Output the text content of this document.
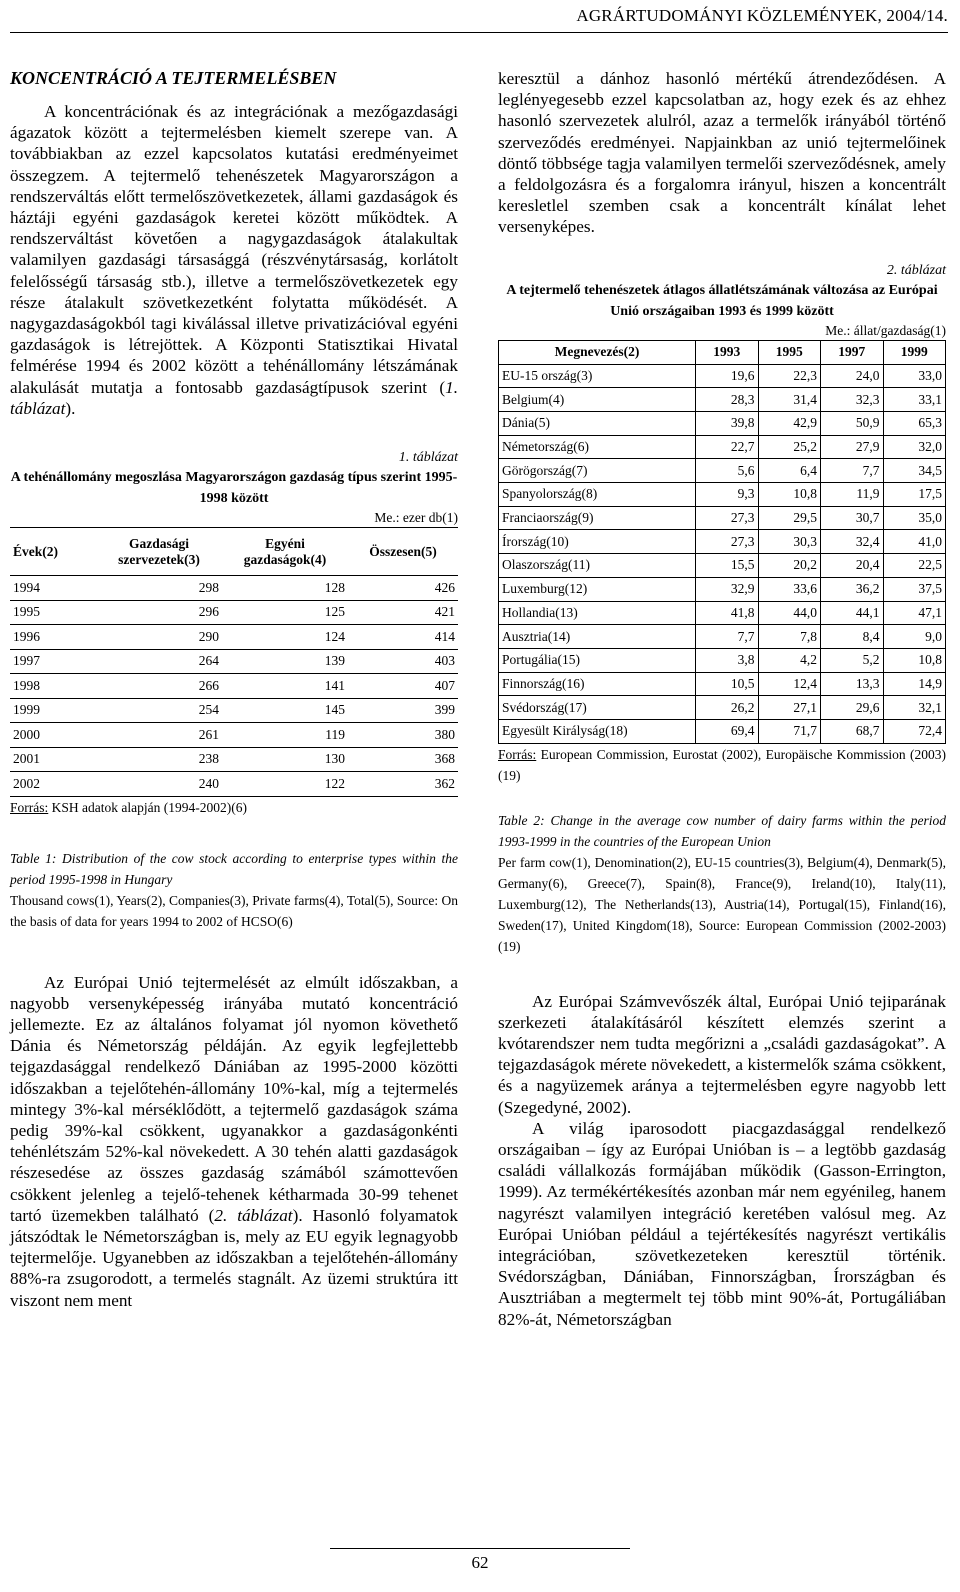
AGRÁRTUDOMÁNYI KÖZLEMÉNYEK, 2004/14.
KONCENTRÁCIÓ A TEJTERMELÉSBEN

A koncentrációnak és az integrációnak a mezőgazdasági ágazatok között a tejtermelésben kiemelt szerepe van. A továbbiakban az ezzel kapcsolatos kutatási eredményeimet összegzem. A tejtermelő tehenészetek Magyarországon a rendszerváltás előtt termelőszövetkezetek, állami gazdaságok és háztáji egyéni gazdaságok keretei között működtek. A rendszerváltást követően a nagygazdaságok átalakultak valamilyen gazdasági társasággá (részvénytársaság, korlátolt felelősségű társaság stb.), illetve a termelőszövetkezetek egy része átalakult szövetkezetként folytatta működését. A nagygazdaságokból tagi kiválással illetve privatizációval egyéni gazdaságok is létrejöttek. A Központi Statisztikai Hivatal felmérése 1994 és 2002 között a tehénállomány létszámának alakulását mutatja a fontosabb gazdaságtípusok szerint (1. táblázat).

1. táblázat
A tehénállomány megoszlása Magyarországon gazdaság típus szerint 1995-1998 között
Me.: ezer db(1)
Évek(2)	Gazdasági szervezetek(3)	Egyéni gazdaságok(4)	Összesen(5)
1994	298	128	426
1995	296	125	421
1996	290	124	414
1997	264	139	403
1998	266	141	407
1999	254	145	399
2000	261	119	380
2001	238	130	368
2002	240	122	362

Forrás: KSH adatok alapján (1994-2002)(6)

Table 1: Distribution of the cow stock according to enterprise types within the period 1995-1998 in Hungary

Thousand cows(1), Years(2), Companies(3), Private farms(4), Total(5), Source: On the basis of data for years 1994 to 2002 of HCSO(6)

Az Európai Unió tejtermelését az elmúlt időszakban, a nagyobb versenyképesség irányába mutató koncentráció jellemezte. Ez az általános folyamat jól nyomon követhető Dánia és Németország példáján. Az egyik legfejlettebb tejgazdasággal rendelkező Dániában az 1995-2000 közötti időszakban a tejelőtehén-állomány 10%-kal, míg a tejtermelés mintegy 3%-kal mérséklődött, a tejtermelő gazdaságok száma pedig 39%-kal csökkent, ugyanakkor a gazdaságonkénti tehénlétszám 52%-kal növekedett. A 30 tehén alatti gazdaságok részesedése az összes gazdaság számából számottevően csökkent jelenleg a tejelő-tehenek kétharmada 30-99 tehenet tartó üzemekben található (2. táblázat). Hasonló folyamatok játszódtak le Németországban is, mely az EU egyik legnagyobb tejtermelője. Ugyanebben az időszakban a tejelőtehén-állomány 88%-ra zsugorodott, a termelés stagnált. Az üzemi struktúra itt viszont nem ment

keresztül a dánhoz hasonló mértékű átrendeződésen. A leglényegesebb ezzel kapcsolatban az, hogy ezek és az ehhez hasonló szervezetek alulról, azaz a termelők irányából történő szerveződés eredményei. Napjainkban az unió tejtermelőinek döntő többsége tagja valamilyen termelői szerveződésnek, amely a feldolgozásra és a forgalomra irányul, hiszen a koncentrált keresletlel szemben csak a koncentrált kínálat lehet versenyképes.

2. táblázat
A tejtermelő tehenészetek átlagos állatlétszámának változása az Európai Unió országaiban 1993 és 1999 között
Me.: állat/gazdaság(1)
Megnevezés(2)	1993	1995	1997	1999
EU-15 ország(3)	19,6	22,3	24,0	33,0
Belgium(4)	28,3	31,4	32,3	33,1
Dánia(5)	39,8	42,9	50,9	65,3
Németország(6)	22,7	25,2	27,9	32,0
Görögország(7)	5,6	6,4	7,7	34,5
Spanyolország(8)	9,3	10,8	11,9	17,5
Franciaország(9)	27,3	29,5	30,7	35,0
Írország(10)	27,3	30,3	32,4	41,0
Olaszország(11)	15,5	20,2	20,4	22,5
Luxemburg(12)	32,9	33,6	36,2	37,5
Hollandia(13)	41,8	44,0	44,1	47,1
Ausztria(14)	7,7	7,8	8,4	9,0
Portugália(15)	3,8	4,2	5,2	10,8
Finnország(16)	10,5	12,4	13,3	14,9
Svédország(17)	26,2	27,1	29,6	32,1
Egyesült Királyság(18)	69,4	71,7	68,7	72,4

Forrás: European Commission, Eurostat (2002), Europäische Kommission (2003)(19)

Table 2: Change in the average cow number of dairy farms within the period 1993-1999 in the countries of the European Union

Per farm cow(1), Denomination(2), EU-15 countries(3), Belgium(4), Denmark(5), Germany(6), Greece(7), Spain(8), France(9), Ireland(10), Italy(11), Luxemburg(12), The Netherlands(13), Austria(14), Portugal(15), Finland(16), Sweden(17), United Kingdom(18), Source: European Commission (2002-2003)(19)

Az Európai Számvevőszék által, Európai Unió tejiparának szerkezeti átalakításáról készített elemzés szerint a kvótarendszer nem tudta megőrizni a „családi gazdaságokat”. A tejgazdaságok mérete növekedett, a kistermelők száma csökkent, és a nagyüzemek aránya a tejtermelésben egyre nagyobb lett (Szegedyné, 2002).

A világ iparosodott piacgazdasággal rendelkező országaiban – így az Európai Unióban is – a legtöbb gazdaság családi vállalkozás formájában működik (Gasson-Errington, 1999). Az termékértékesítés azonban már nem egyénileg, hanem nagyrészt valamilyen integráció keretében valósul meg. Az Európai Unióban például a tejértékesítés nagyrészt vertikális integrációban, szövetkezeteken keresztül történik. Svédországban, Dániában, Finnországban, Írországban és Ausztriában a megtermelt tej több mint 90%-át, Portugáliában 82%-át, Németországban

62
